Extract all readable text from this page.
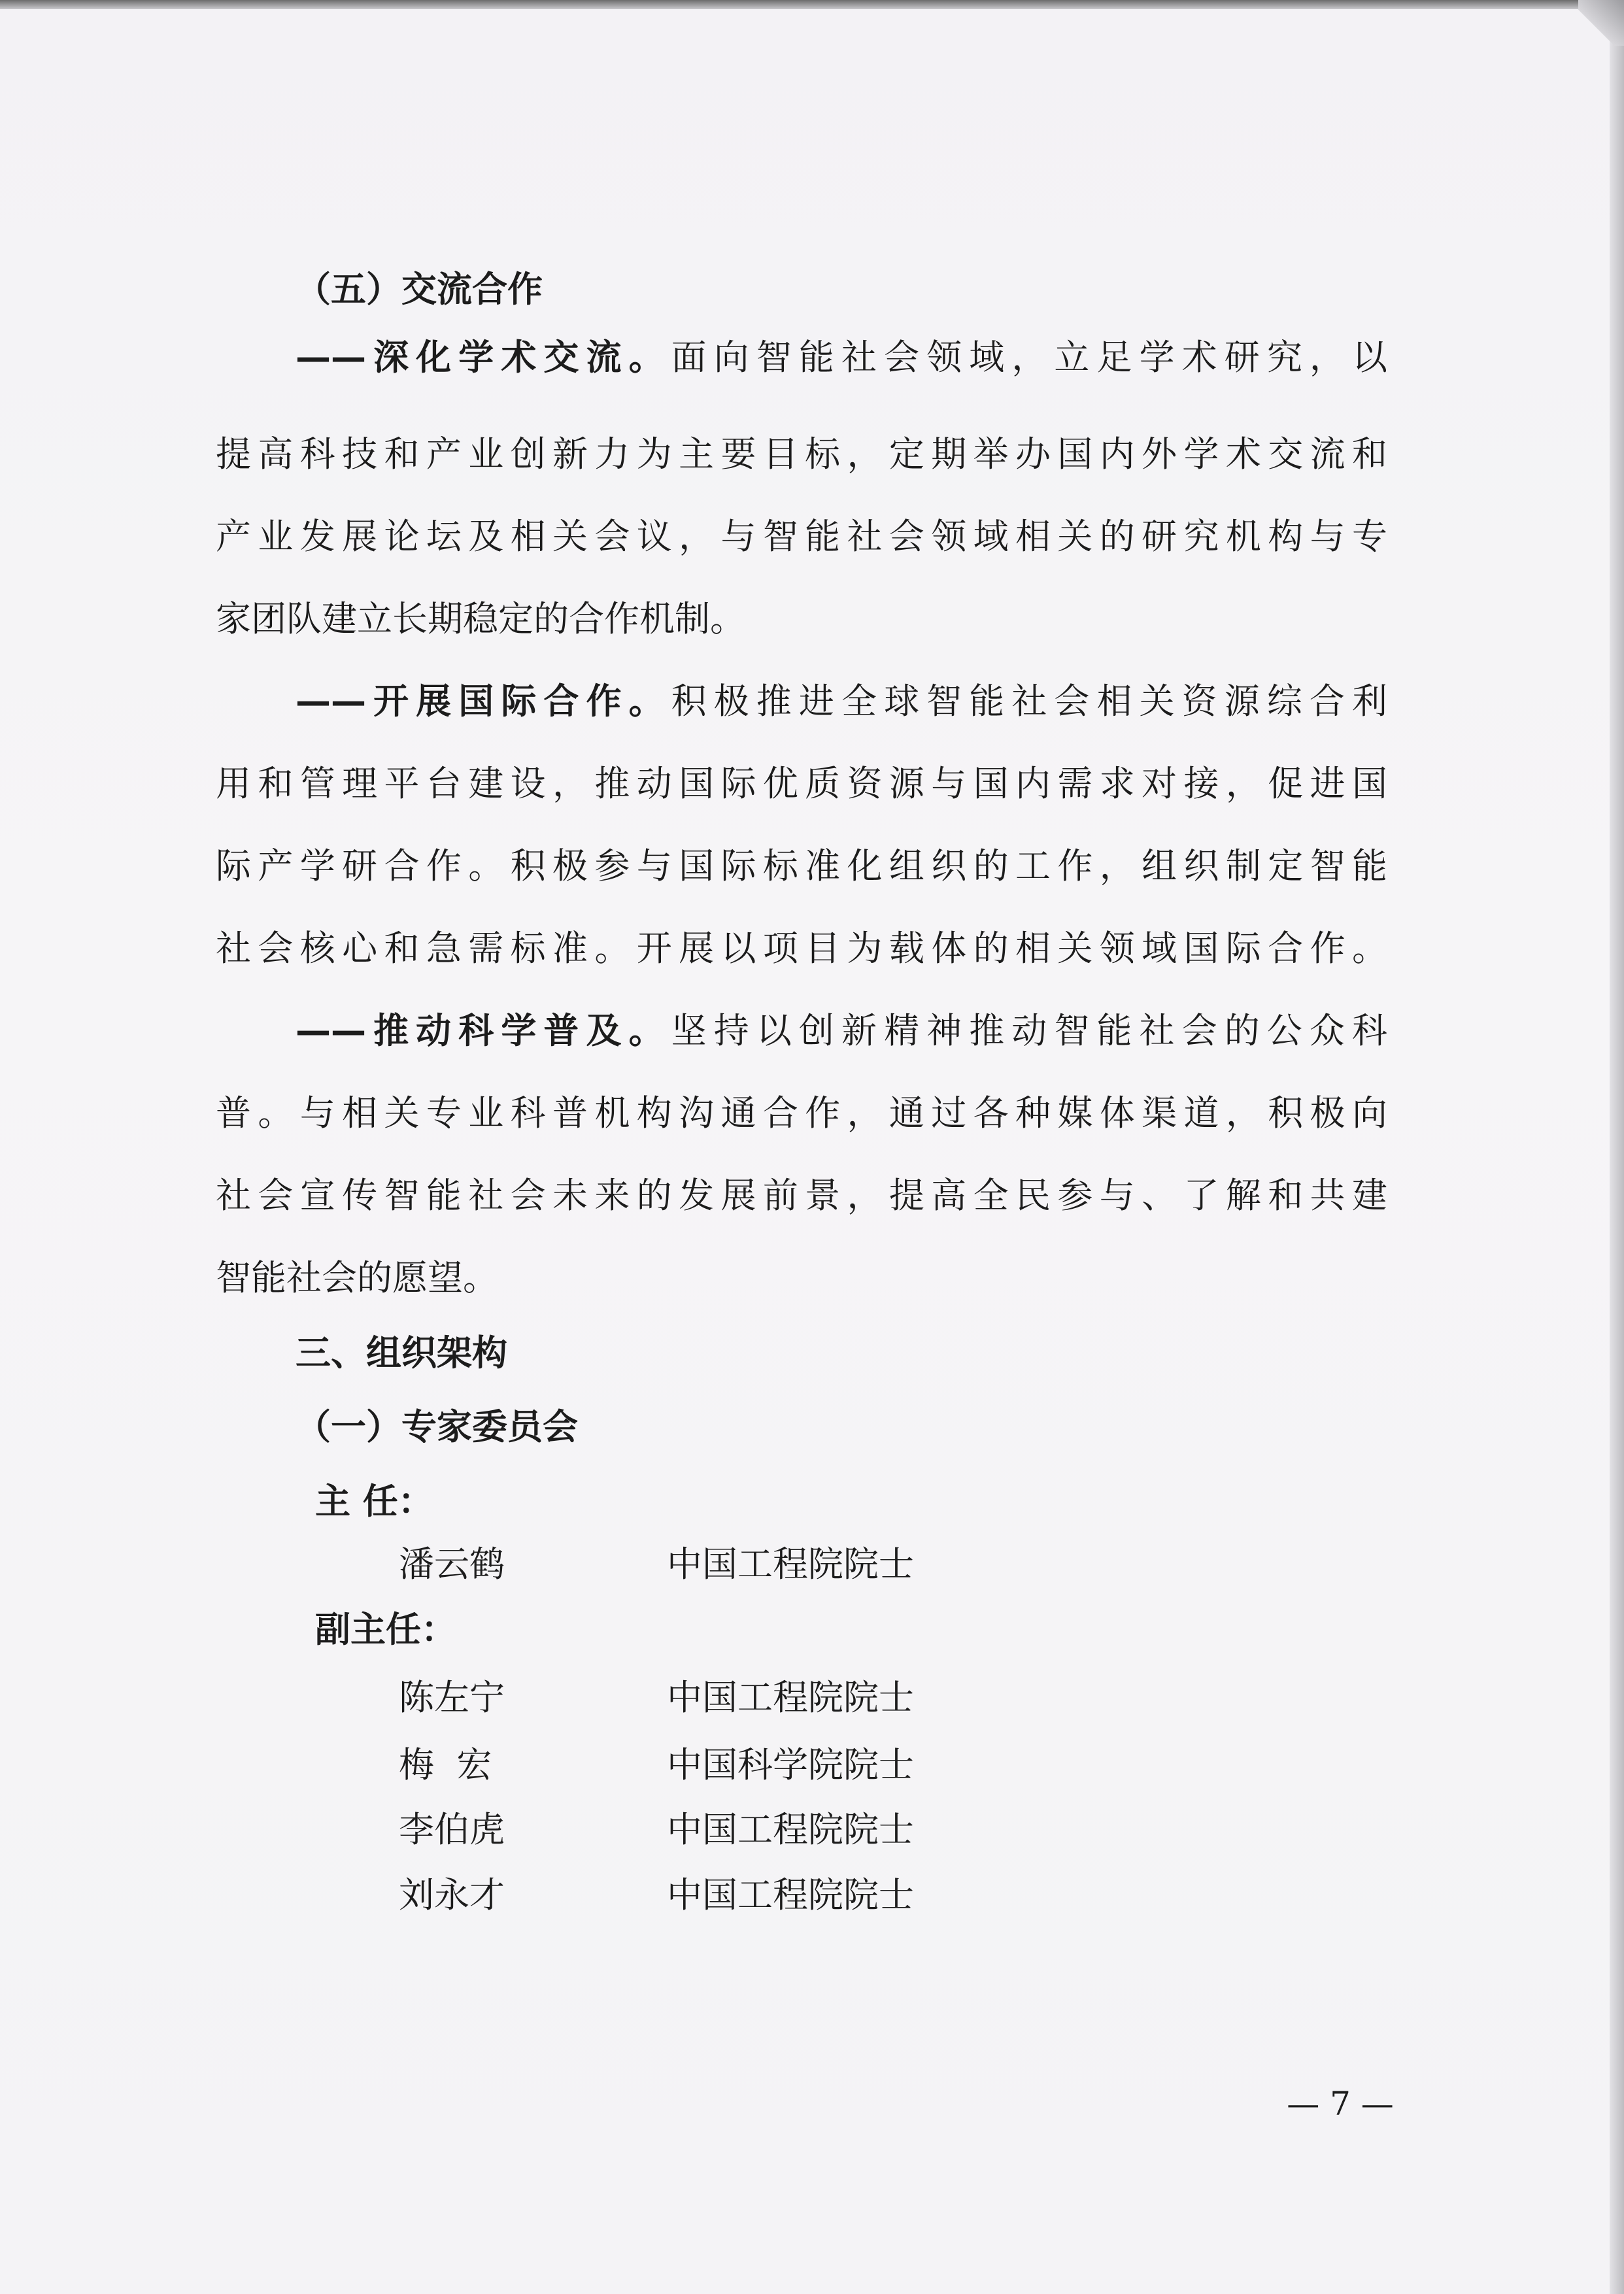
（五）交流合作
——深化学术交流。面向智能社会领域，立足学术研究，以
提高科技和产业创新力为主要目标，定期举办国内外学术交流和
产业发展论坛及相关会议，与智能社会领域相关的研究机构与专
家团队建立长期稳定的合作机制。
——开展国际合作。积极推进全球智能社会相关资源综合利
用和管理平台建设，推动国际优质资源与国内需求对接，促进国
际产学研合作。积极参与国际标准化组织的工作，组织制定智能
社会核心和急需标准。开展以项目为载体的相关领域国际合作。
——推动科学普及。坚持以创新精神推动智能社会的公众科
普。与相关专业科普机构沟通合作，通过各种媒体渠道，积极向
社会宣传智能社会未来的发展前景，提高全民参与、了解和共建
智能社会的愿望。
三、组织架构
（一）专家委员会
主 任：
潘云鹤	中国工程院院士
副主任：
陈左宁	中国工程院院士
梅  宏	中国科学院院士
李伯虎	中国工程院院士
刘永才	中国工程院院士
— 7 —
